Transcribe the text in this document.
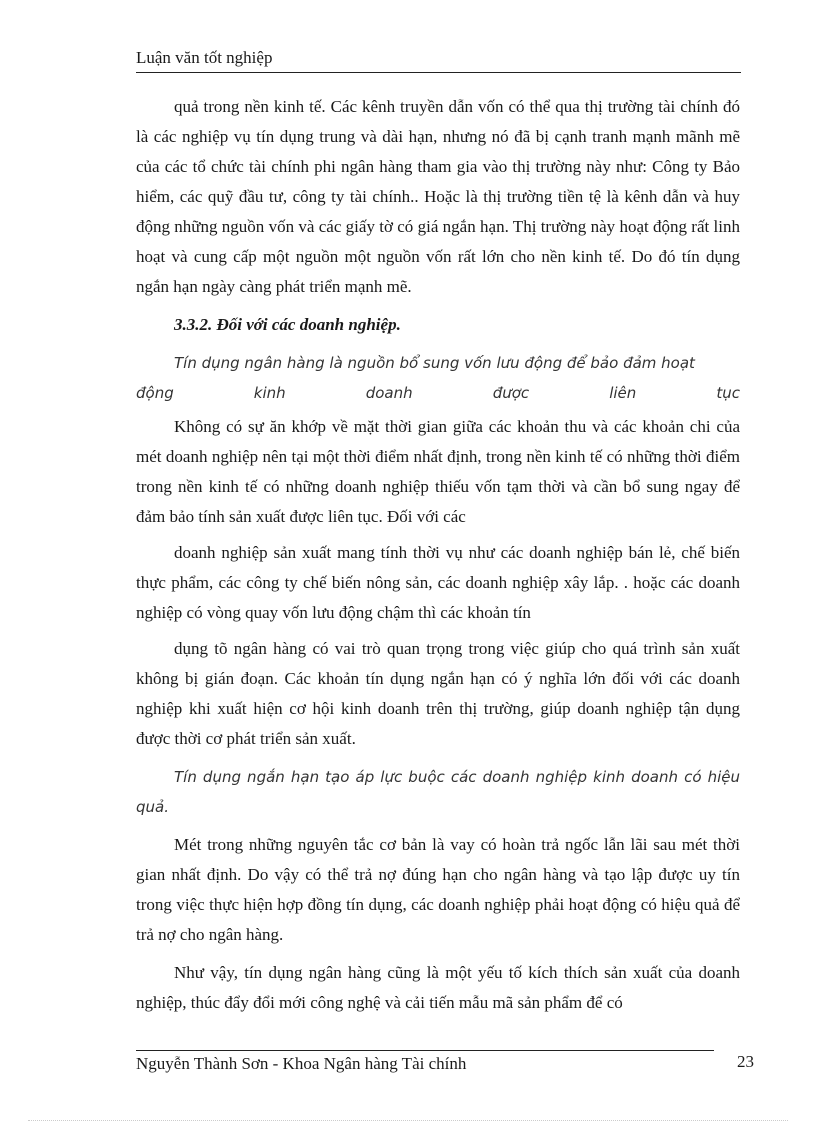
Luận văn tốt nghiệp

quả trong nền kinh tế. Các kênh truyền dẫn vốn có thể qua thị trường tài chính đó là các nghiệp vụ tín dụng trung và dài hạn, nhưng nó đã bị cạnh tranh mạnh mãnh mẽ của các tổ chức tài chính phi ngân hàng tham gia vào thị trường này như: Công ty Bảo hiểm, các quỹ đầu tư, công ty tài chính.. Hoặc là thị trường tiền tệ là kênh dẫn và huy động những nguồn vốn và các giấy tờ có giá ngắn hạn. Thị trường này hoạt động rất linh hoạt và cung cấp một nguồn một nguồn vốn rất lớn cho nền kinh tế. Do đó tín dụng ngắn hạn ngày càng phát triển mạnh mẽ.

3.3.2. Đối với các doanh nghiệp.

Tín dụng ngân hàng là nguồn bổ sung vốn lưu động để bảo đảm hoạt

động kinh doanh được liên tục

Không có sự ăn khớp về mặt thời gian giữa các khoản thu và các khoản chi của mét doanh nghiệp nên tại một thời điểm nhất định, trong nền kinh tế có những thời điểm trong nền kinh tế có những doanh nghiệp thiếu vốn tạm thời và cần bổ sung ngay để đảm bảo tính sản xuất được liên tục. Đối với các

doanh nghiệp sản xuất mang tính thời vụ như các doanh nghiệp bán lẻ, chế biến thực phẩm, các công ty chế biến nông sản, các doanh nghiệp xây lắp. . hoặc các doanh nghiệp có vòng quay vốn lưu động chậm thì các khoản tín

dụng tõ ngân hàng có vai trò quan trọng trong việc giúp cho quá trình sản xuất không bị gián đoạn. Các khoản tín dụng ngắn hạn có ý nghĩa lớn đối với các doanh nghiệp khi xuất hiện cơ hội kinh doanh trên thị trường, giúp doanh nghiệp tận dụng được thời cơ phát triển sản xuất.

Tín dụng ngắn hạn tạo áp lực buộc các doanh nghiệp kinh doanh có hiệu quả.

Mét trong những nguyên tắc cơ bản là vay có hoàn trả ngốc lẫn lãi sau mét thời gian nhất định. Do vậy có thể trả nợ đúng hạn cho ngân hàng và tạo lập được uy tín trong việc thực hiện hợp đồng tín dụng, các doanh nghiệp phải hoạt động có hiệu quả để trả nợ cho ngân hàng.

Như vậy, tín dụng ngân hàng cũng là một yếu tố kích thích sản xuất của doanh nghiệp, thúc đẩy đổi mới công nghệ và cải tiến mẫu mã sản phẩm để có

Nguyễn Thành Sơn - Khoa Ngân hàng Tài chính	23
